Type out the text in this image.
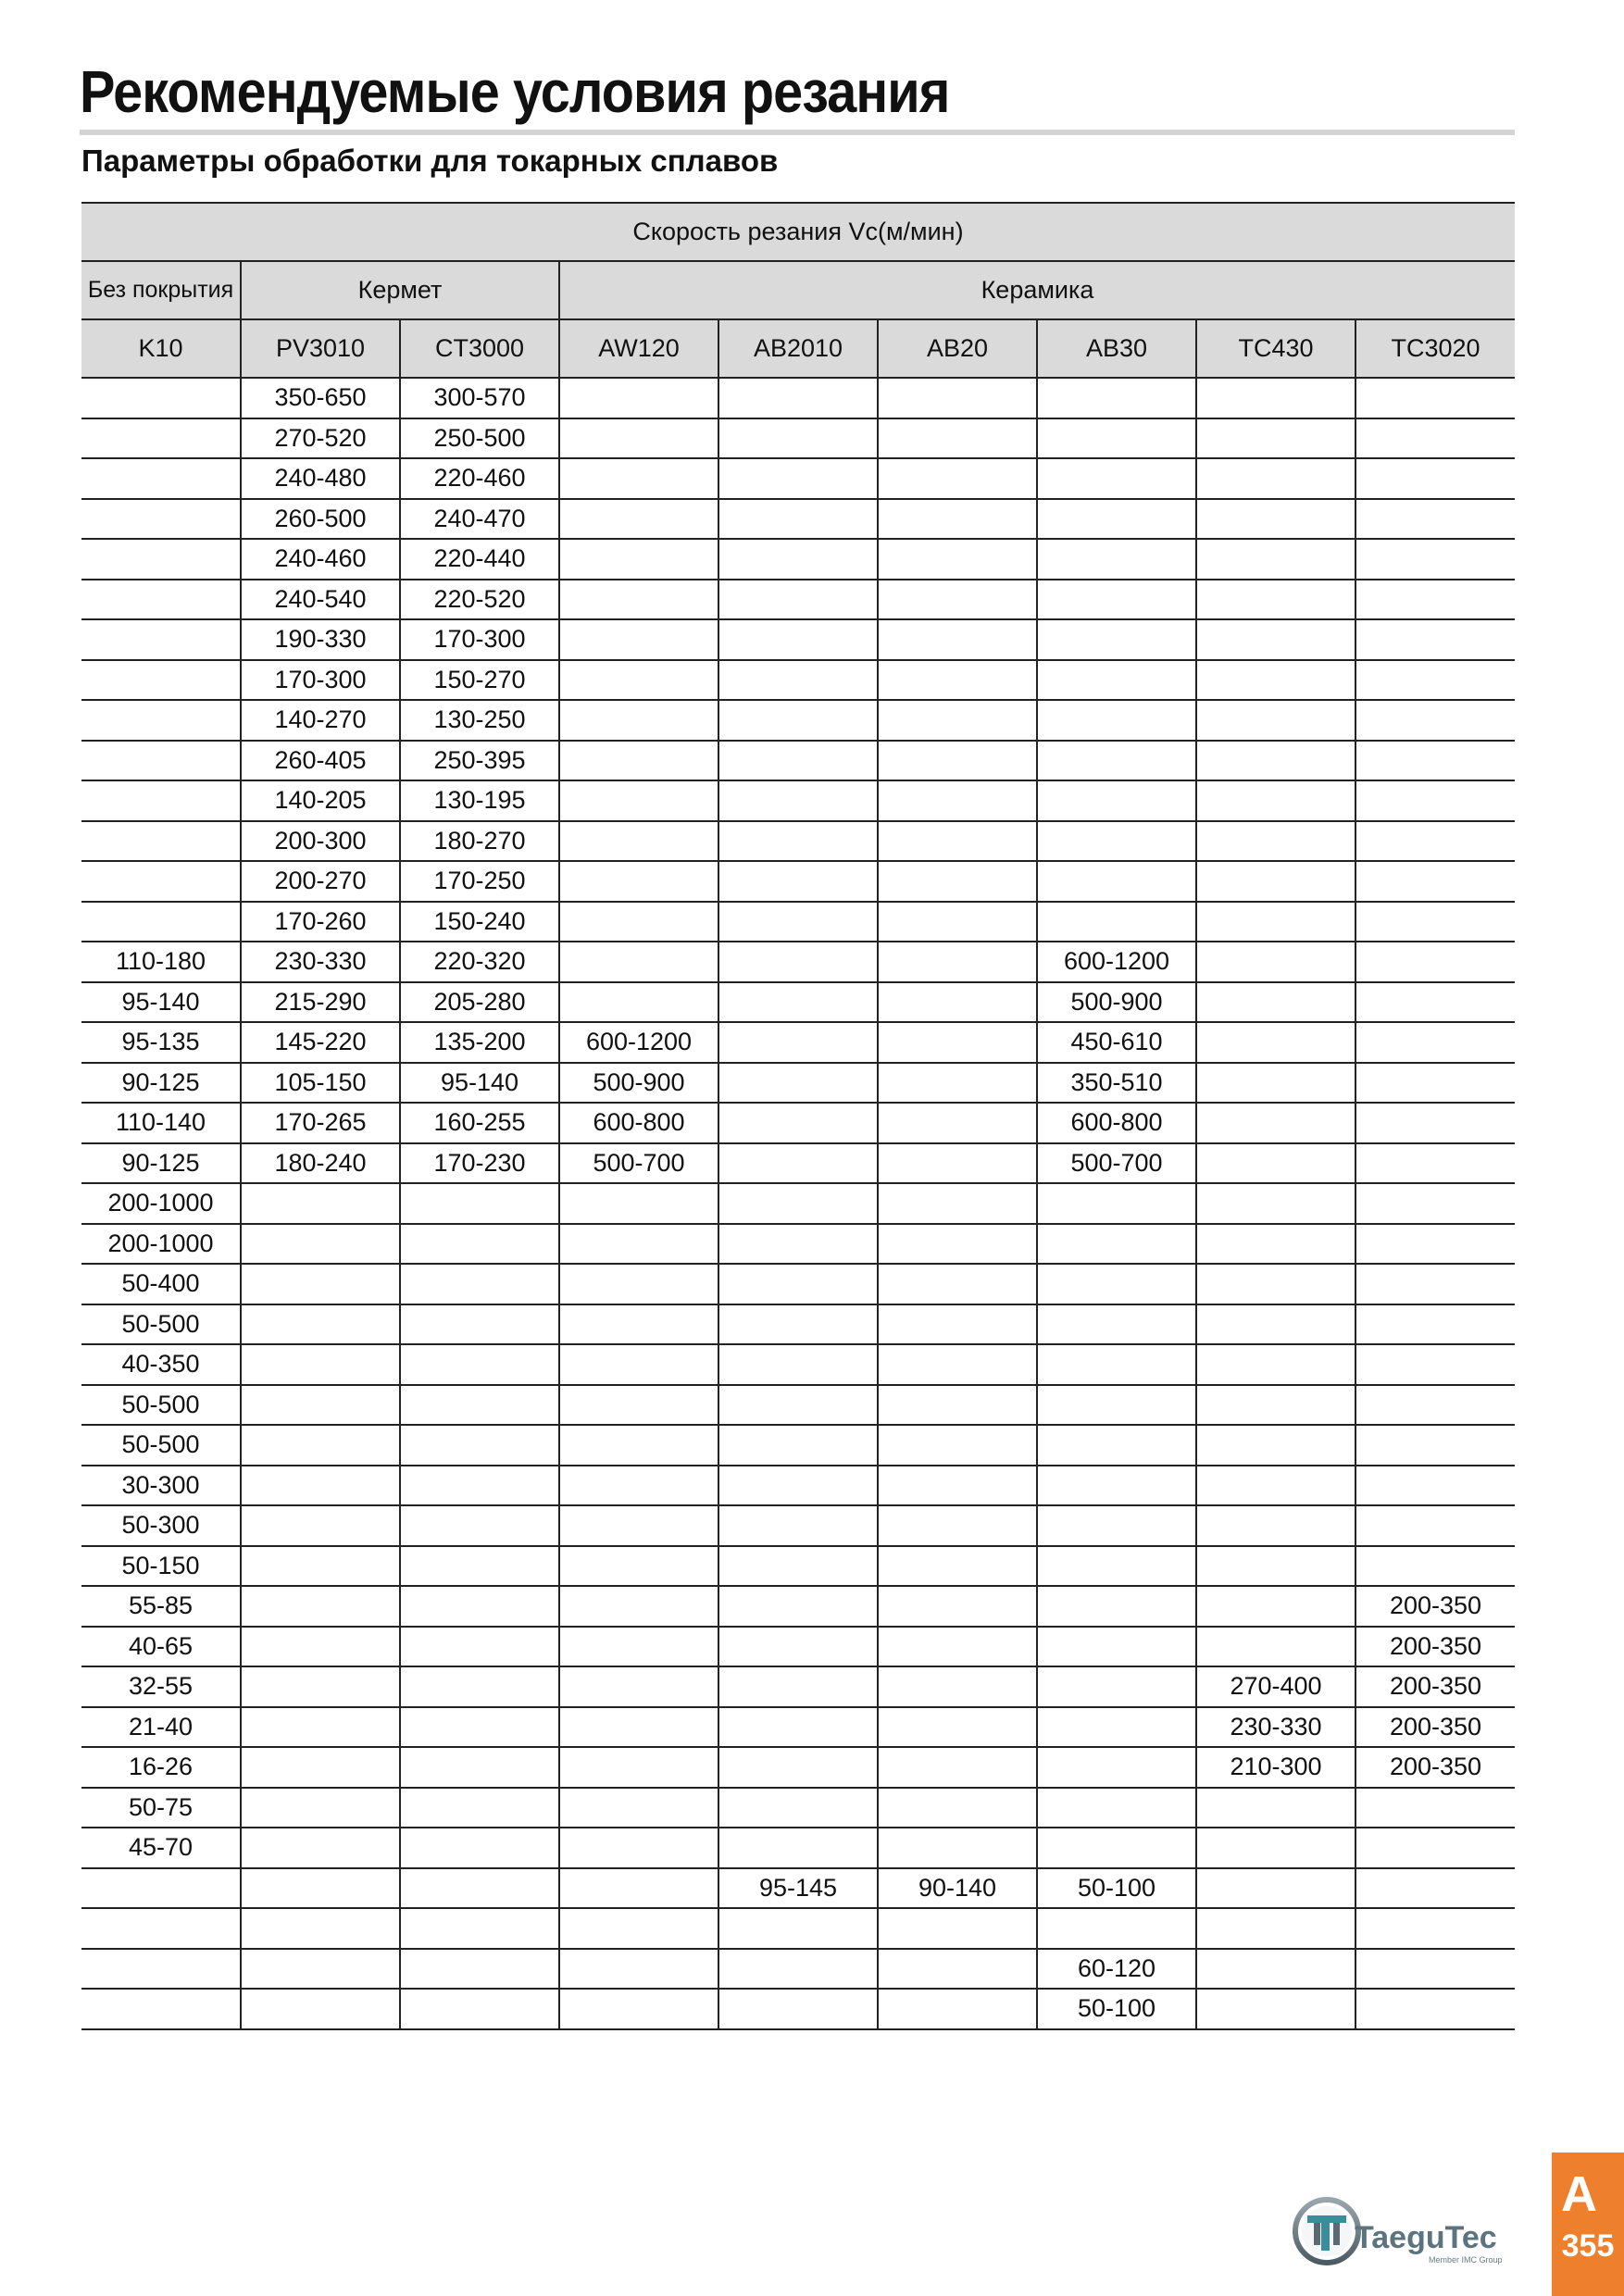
Рекомендуемые условия резания
Параметры обработки для токарных сплавов
Скорость резания Vc(м/мин)								
Без покрытия	Кермет		Керамика					
K10	PV3010	CT3000	AW120	AB2010	AB20	AB30	TC430	TC3020
	350-650	300-570						
	270-520	250-500						
	240-480	220-460						
	260-500	240-470						
	240-460	220-440						
	240-540	220-520						
	190-330	170-300						
	170-300	150-270						
	140-270	130-250						
	260-405	250-395						
	140-205	130-195						
	200-300	180-270						
	200-270	170-250						
	170-260	150-240						
110-180	230-330	220-320				600-1200		
95-140	215-290	205-280				500-900		
95-135	145-220	135-200	600-1200			450-610		
90-125	105-150	95-140	500-900			350-510		
110-140	170-265	160-255	600-800			600-800		
90-125	180-240	170-230	500-700			500-700		
200-1000								
200-1000								
50-400								
50-500								
40-350								
50-500								
50-500								
30-300								
50-300								
50-150								
55-85								200-350
40-65								200-350
32-55							270-400	200-350
21-40							230-330	200-350
16-26							210-300	200-350
50-75								
45-70								
				95-145	90-140	50-100		

						60-120		
						50-100		
TaeguTec
Member IMC Group
A
355
